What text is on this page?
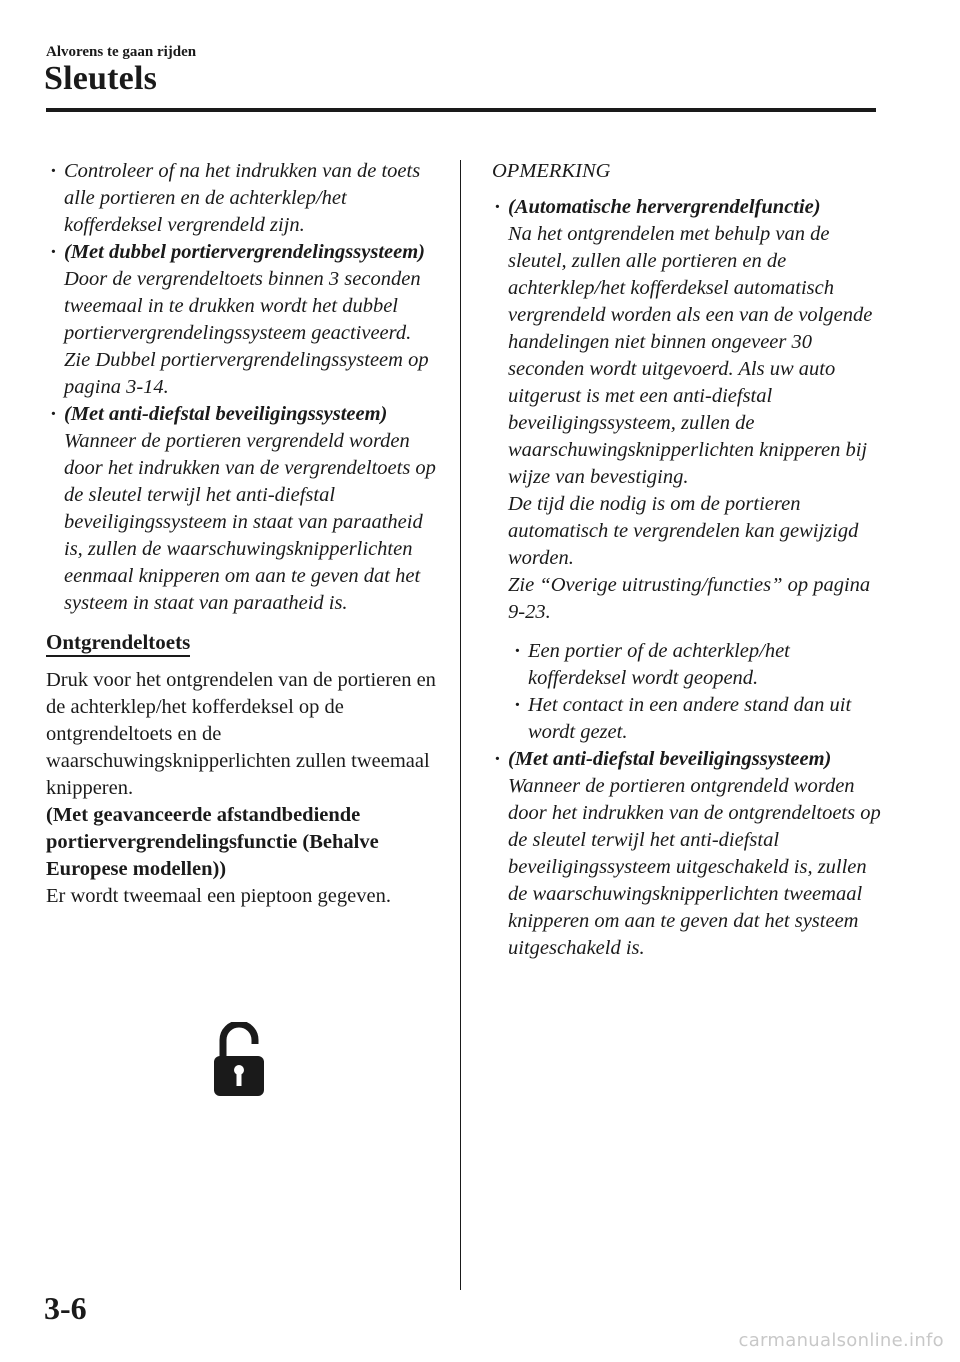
Alvorens te gaan rijden
Sleutels
· Controleer of na het indrukken van de toets alle portieren en de achterklep/het kofferdeksel vergrendeld zijn.
· (Met dubbel portiervergrendelingssysteem)
Door de vergrendeltoets binnen 3 seconden tweemaal in te drukken wordt het dubbel portiervergrendelingssysteem geactiveerd.
Zie Dubbel portiervergrendelingssysteem op pagina 3-14.
· (Met anti-diefstal beveiligingssysteem)
Wanneer de portieren vergrendeld worden door het indrukken van de vergrendeltoets op de sleutel terwijl het anti-diefstal beveiligingssysteem in staat van paraatheid is, zullen de waarschuwingsknipperlichten eenmaal knipperen om aan te geven dat het systeem in staat van paraatheid is.
Ontgrendeltoets

Druk voor het ontgrendelen van de portieren en de achterklep/het kofferdeksel op de ontgrendeltoets en de waarschuwingsknipperlichten zullen tweemaal knipperen.

(Met geavanceerde afstandbediende portiervergrendelingsfunctie (Behalve Europese modellen))

Er wordt tweemaal een pieptoon gegeven.

OPMERKING

· (Automatische hervergrendelfunctie)
Na het ontgrendelen met behulp van de sleutel, zullen alle portieren en de achterklep/het kofferdeksel automatisch vergrendeld worden als een van de volgende handelingen niet binnen ongeveer 30 seconden wordt uitgevoerd. Als uw auto uitgerust is met een anti-diefstal beveiligingssysteem, zullen de waarschuwingsknipperlichten knipperen bij wijze van bevestiging.
De tijd die nodig is om de portieren automatisch te vergrendelen kan gewijzigd worden.
Zie “Overige uitrusting/functies” op pagina 9-23.
· Een portier of de achterklep/het kofferdeksel wordt geopend.
· Het contact in een andere stand dan uit wordt gezet.
· (Met anti-diefstal beveiligingssysteem)
Wanneer de portieren ontgrendeld worden door het indrukken van de ontgrendeltoets op de sleutel terwijl het anti-diefstal beveiligingssysteem uitgeschakeld is, zullen de waarschuwingsknipperlichten tweemaal knipperen om aan te geven dat het systeem uitgeschakeld is.
3-6
carmanualsonline.info
